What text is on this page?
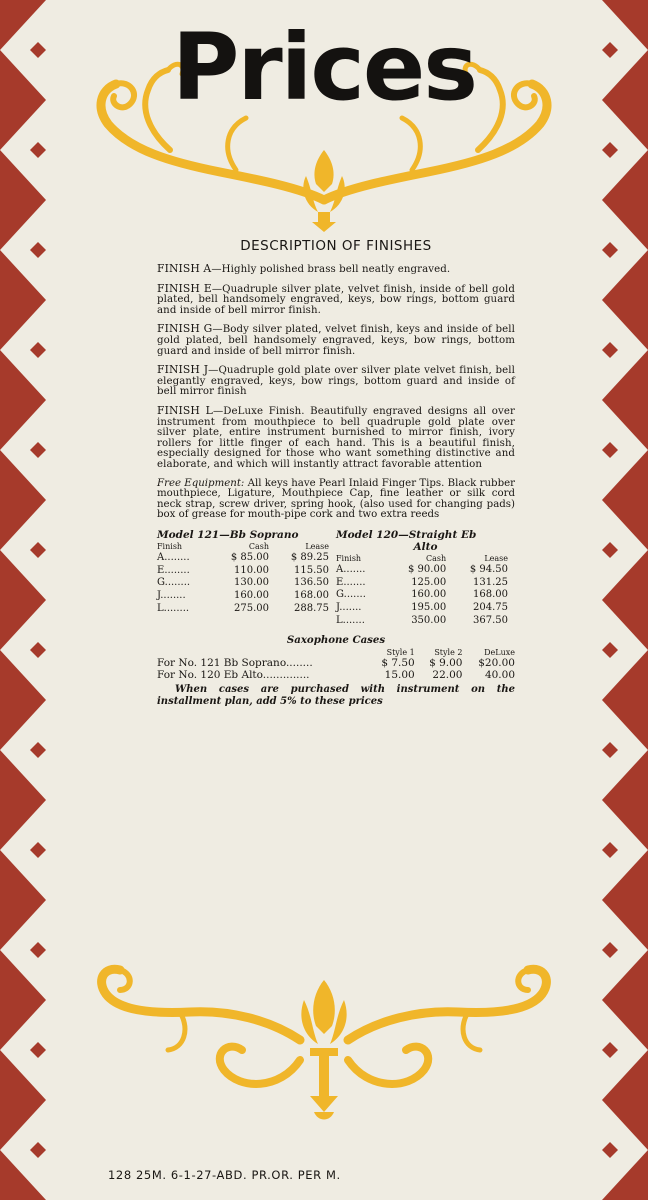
Prices
DESCRIPTION OF FINISHES

FINISH A—Highly polished brass bell neatly engraved.

FINISH E—Quadruple silver plate, velvet finish, inside of bell gold plated, bell handsomely engraved, keys, bow rings, bottom guard and inside of bell mirror finish.

FINISH G—Body silver plated, velvet finish, keys and inside of bell gold plated, bell handsomely engraved, keys, bow rings, bottom guard and inside of bell mirror finish.

FINISH J—Quadruple gold plate over silver plate velvet finish, bell elegantly engraved, keys, bow rings, bottom guard and inside of bell mirror finish

FINISH L—DeLuxe Finish. Beautifully engraved designs all over instrument from mouthpiece to bell quadruple gold plate over silver plate, entire instrument burnished to mirror finish, ivory rollers for little finger of each hand. This is a beautiful finish, especially designed for those who want something distinctive and elaborate, and which will instantly attract favorable attention

Free Equipment: All keys have Pearl Inlaid Finger Tips. Black rubber mouthpiece, Ligature, Mouthpiece Cap, fine leather or silk cord neck strap, screw driver, spring hook, (also used for changing pads) box of grease for mouth-pipe cork and two extra reeds

Model 121—Bb Soprano

Finish	Cash	Lease
A........	$ 85.00	$ 89.25
E........	110.00	115.50
G........	130.00	136.50
J........	160.00	168.00
L........	275.00	288.75

Model 120—Straight Eb

Alto

Finish	Cash	Lease
A.......	$ 90.00	$ 94.50
E.......	125.00	131.25
G.......	160.00	168.00
J.......	195.00	204.75
L.......	350.00	367.50
Saxophone Cases
	Style 1	Style 2	DeLuxe
For No. 121 Bb Soprano........	$ 7.50	$ 9.00	$20.00
For No. 120 Eb Alto..............	15.00	22.00	40.00

When cases are purchased with instrument on the installment plan, add 5% to these prices

128 25M. 6-1-27-ABD. PR.OR. PER M.
